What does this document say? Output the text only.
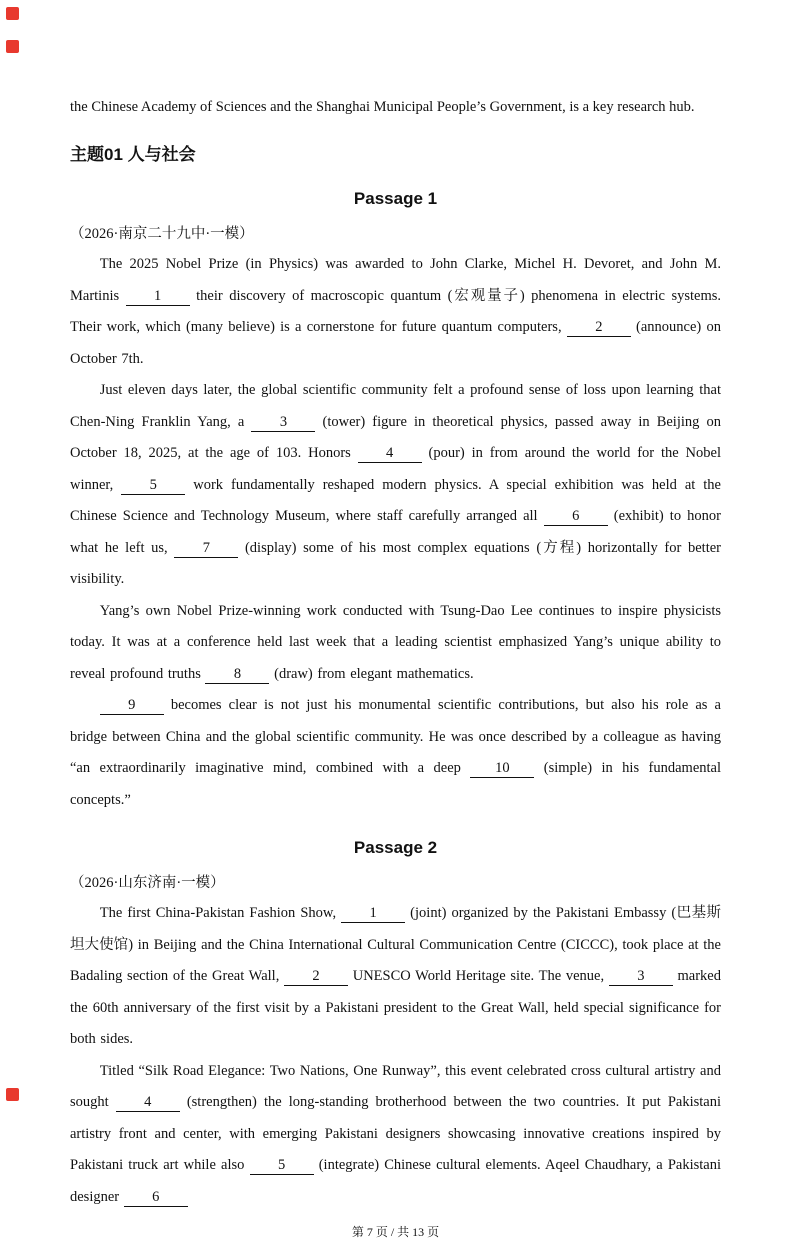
the Chinese Academy of Sciences and the Shanghai Municipal People’s Government, is a key research hub.

主题01 人与社会
Passage 1

（2026·南京二十九中·一模）

The 2025 Nobel Prize (in Physics) was awarded to John Clarke, Michel H. Devoret, and John M. Martinis 1 their discovery of macroscopic quantum (宏观量子) phenomena in electric systems. Their work, which (many believe) is a cornerstone for future quantum computers, 2 (announce) on October 7th.

Just eleven days later, the global scientific community felt a profound sense of loss upon learning that Chen-Ning Franklin Yang, a 3 (tower) figure in theoretical physics, passed away in Beijing on October 18, 2025, at the age of 103. Honors 4 (pour) in from around the world for the Nobel winner, 5 work fundamentally reshaped modern physics. A special exhibition was held at the Chinese Science and Technology Museum, where staff carefully arranged all 6 (exhibit) to honor what he left us, 7 (display) some of his most complex equations (方程) horizontally for better visibility.

Yang’s own Nobel Prize-winning work conducted with Tsung-Dao Lee continues to inspire physicists today. It was at a conference held last week that a leading scientist emphasized Yang’s unique ability to reveal profound truths 8 (draw) from elegant mathematics.

9 becomes clear is not just his monumental scientific contributions, but also his role as a bridge between China and the global scientific community. He was once described by a colleague as having “an extraordinarily imaginative mind, combined with a deep 10 (simple) in his fundamental concepts.”

Passage 2

（2026·山东济南·一模）

The first China-Pakistan Fashion Show, 1 (joint) organized by the Pakistani Embassy (巴基斯坦大使馆) in Beijing and the China International Cultural Communication Centre (CICCC), took place at the Badaling section of the Great Wall, 2 UNESCO World Heritage site. The venue, 3 marked the 60th anniversary of the first visit by a Pakistani president to the Great Wall, held special significance for both sides.

Titled “Silk Road Elegance: Two Nations, One Runway”, this event celebrated cross cultural artistry and sought 4 (strengthen) the long-standing brotherhood between the two countries. It put Pakistani artistry front and center, with emerging Pakistani designers showcasing innovative creations inspired by Pakistani truck art while also 5 (integrate) Chinese cultural elements. Aqeel Chaudhary, a Pakistani designer 6

第 7 页 / 共 13 页
